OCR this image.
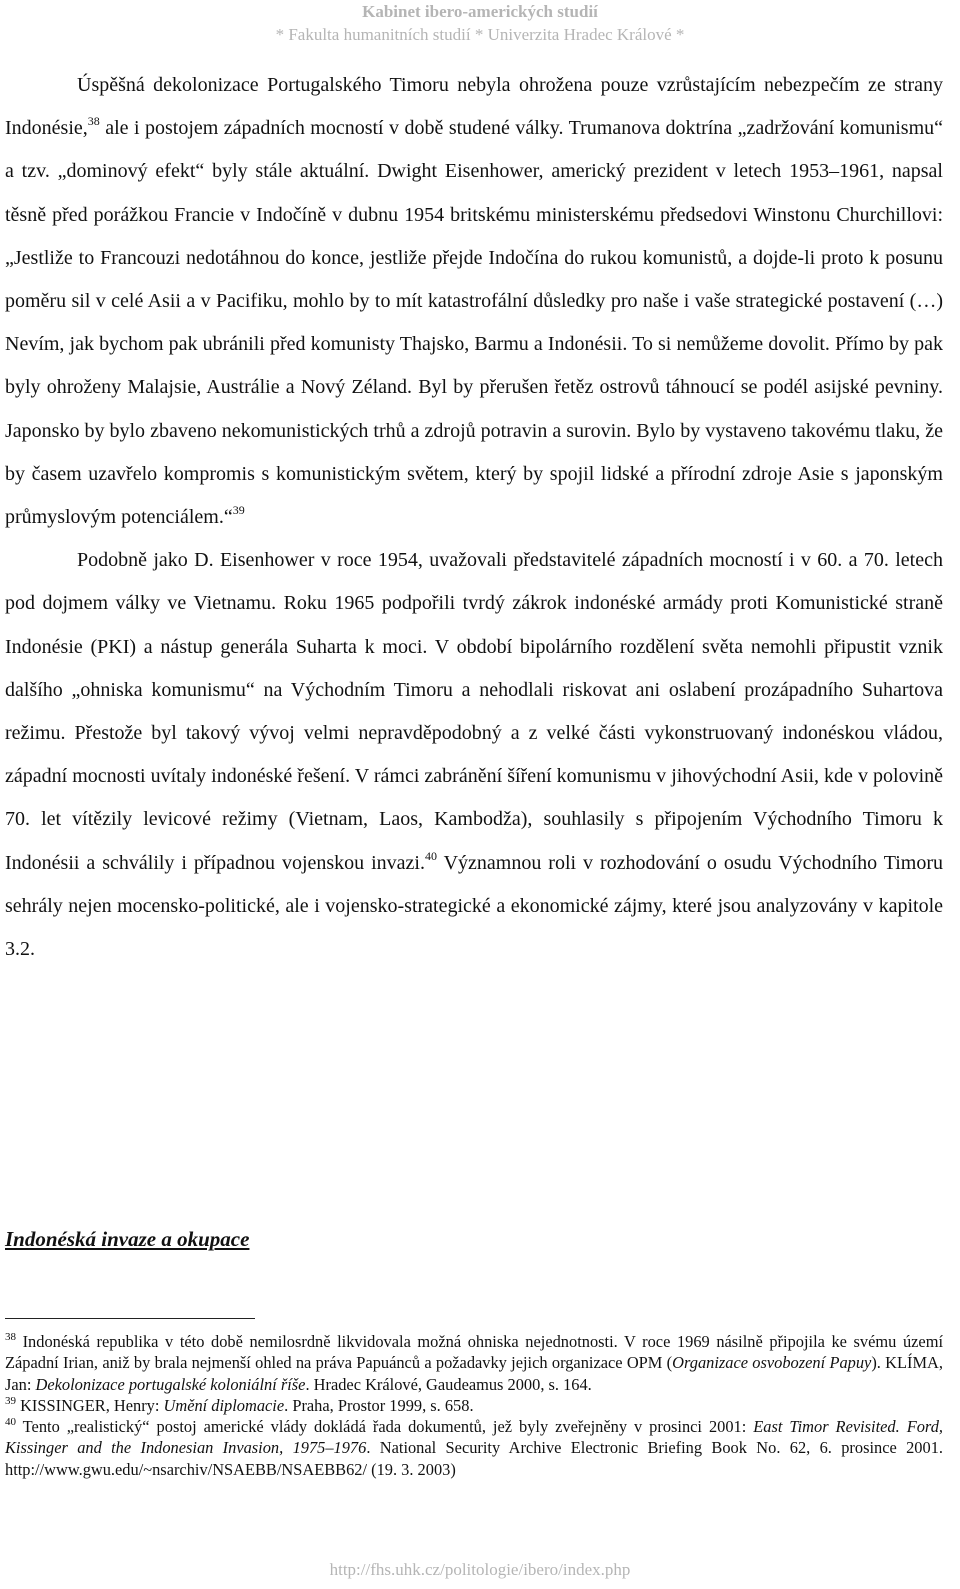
Kabinet ibero-amerických studií
* Fakulta humanitních studií * Univerzita Hradec Králové *

Úspěšná dekolonizace Portugalského Timoru nebyla ohrožena pouze vzrůstajícím nebezpečím ze strany Indonésie,$^{38}$ ale i postojem západních mocností v době studené války. Trumanova doktrína „zadržování komunismu“ a tzv. „dominový efekt“ byly stále aktuální. Dwight Eisenhower, americký prezident v letech 1953–1961, napsal těsně před porážkou Francie v Indočíně v dubnu 1954 britskému ministerskému předsedovi Winstonu Churchillovi: „Jestliže to Francouzi nedotáhnou do konce, jestliže přejde Indočína do rukou komunistů, a dojde-li proto k posunu poměru sil v celé Asii a v Pacifiku, mohlo by to mít katastrofální důsledky pro naše i vaše strategické postavení (…) Nevím, jak bychom pak ubránili před komunisty Thajsko, Barmu a Indonésii. To si nemůžeme dovolit. Přímo by pak byly ohroženy Malajsie, Austrálie a Nový Zéland. Byl by přerušen řetěz ostrovů táhnoucí se podél asijské pevniny. Japonsko by bylo zbaveno nekomunistických trhů a zdrojů potravin a surovin. Bylo by vystaveno takovému tlaku, že by časem uzavřelo kompromis s komunistickým světem, který by spojil lidské a přírodní zdroje Asie s japonským průmyslovým potenciálem.“$^{39}$

Podobně jako D. Eisenhower v roce 1954, uvažovali představitelé západních mocností i v 60. a 70. letech pod dojmem války ve Vietnamu. Roku 1965 podpořili tvrdý zákrok indonéské armády proti Komunistické straně Indonésie (PKI) a nástup generála Suharta k moci. V období bipolárního rozdělení světa nemohli připustit vznik dalšího „ohniska komunismu“ na Východním Timoru a nehodlali riskovat ani oslabení prozápadního Suhartova režimu. Přestože byl takový vývoj velmi nepravděpodobný a z velké části vykonstruovaný indonéskou vládou, západní mocnosti uvítaly indonéské řešení. V rámci zabránění šíření komunismu v jihovýchodní Asii, kde v polovině 70. let vítězily levicové režimy (Vietnam, Laos, Kambodža), souhlasily s připojením Východního Timoru k Indonésii a schválily i případnou vojenskou invazi.$^{40}$ Významnou roli v rozhodování o osudu Východního Timoru sehrály nejen mocensko-politické, ale i vojensko-strategické a ekonomické zájmy, které jsou analyzovány v kapitole 3.2.

Indonéská invaze a okupace

$^{38}$ Indonéská republika v této době nemilosrdně likvidovala možná ohniska nejednotnosti. V roce 1969 násilně připojila ke svému území Západní Irian, aniž by brala nejmenší ohled na práva Papuánců a požadavky jejich organizace OPM (Organizace osvobození Papuy). KLÍMA, Jan: Dekolonizace portugalské koloniální říše. Hradec Králové, Gaudeamus 2000, s. 164.

$^{39}$ KISSINGER, Henry: Umění diplomacie. Praha, Prostor 1999, s. 658.

$^{40}$ Tento „realistický“ postoj americké vlády dokládá řada dokumentů, jež byly zveřejněny v prosinci 2001: East Timor Revisited. Ford, Kissinger and the Indonesian Invasion, 1975–1976. National Security Archive Electronic Briefing Book No. 62, 6. prosince 2001. http://www.gwu.edu/~nsarchiv/NSAEBB/NSAEBB62/ (19. 3. 2003)

http://fhs.uhk.cz/politologie/ibero/index.php
